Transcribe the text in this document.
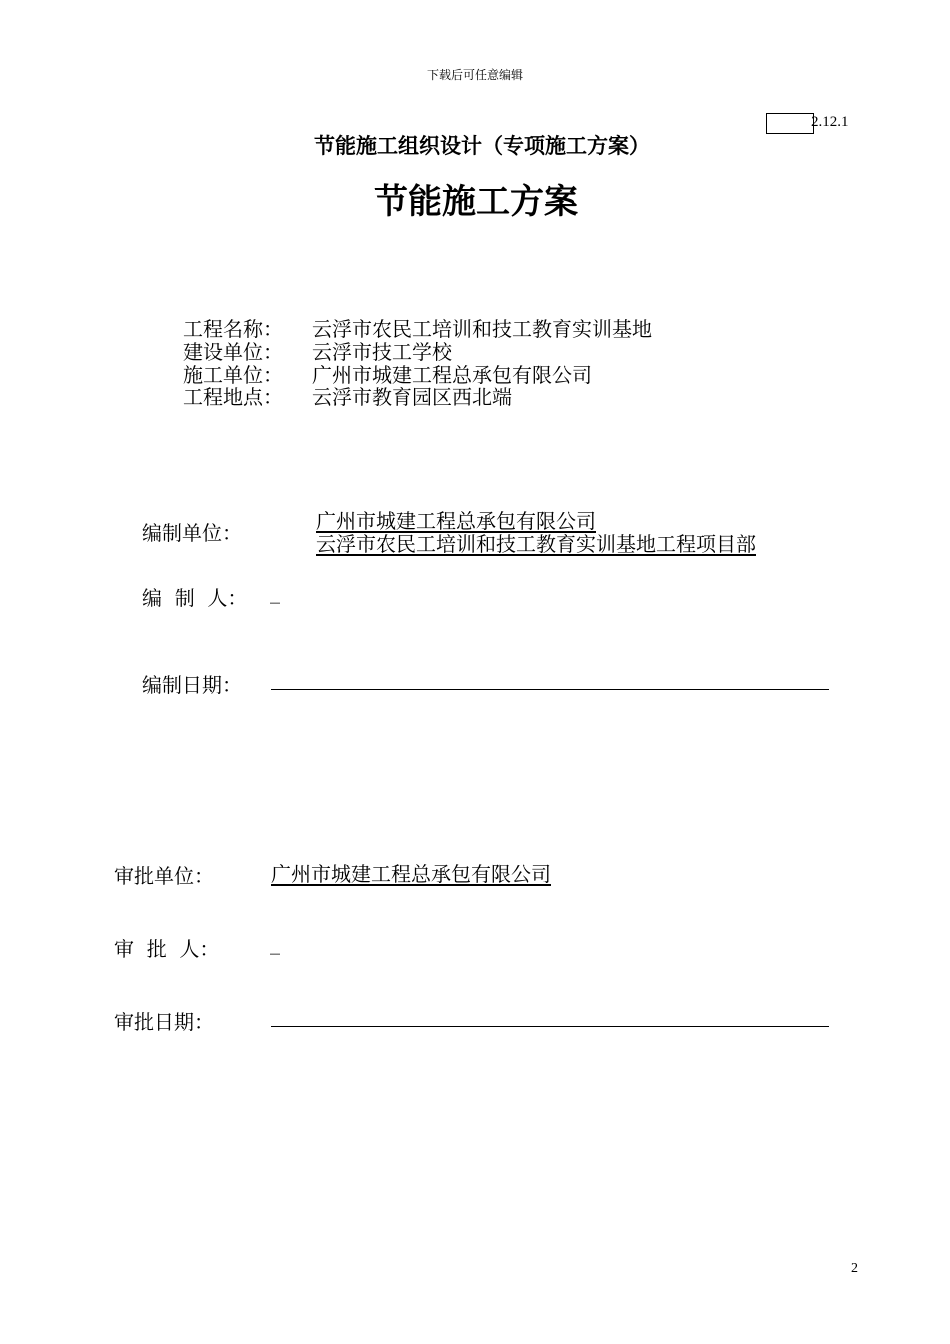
下载后可任意编辑
2.12.1
节能施工组织设计（专项施工方案）
节能施工方案
工程名称： 云浮市农民工培训和技工教育实训基地
建设单位： 云浮市技工学校
施工单位： 广州市城建工程总承包有限公司
工程地点： 云浮市教育园区西北端
编制单位：	广州市城建工程总承包有限公司
云浮市农民工培训和技工教育实训基地工程项目部
编  制  人： _
编制日期：
审批单位：	广州市城建工程总承包有限公司
审  批  人：	_
审批日期：
2
